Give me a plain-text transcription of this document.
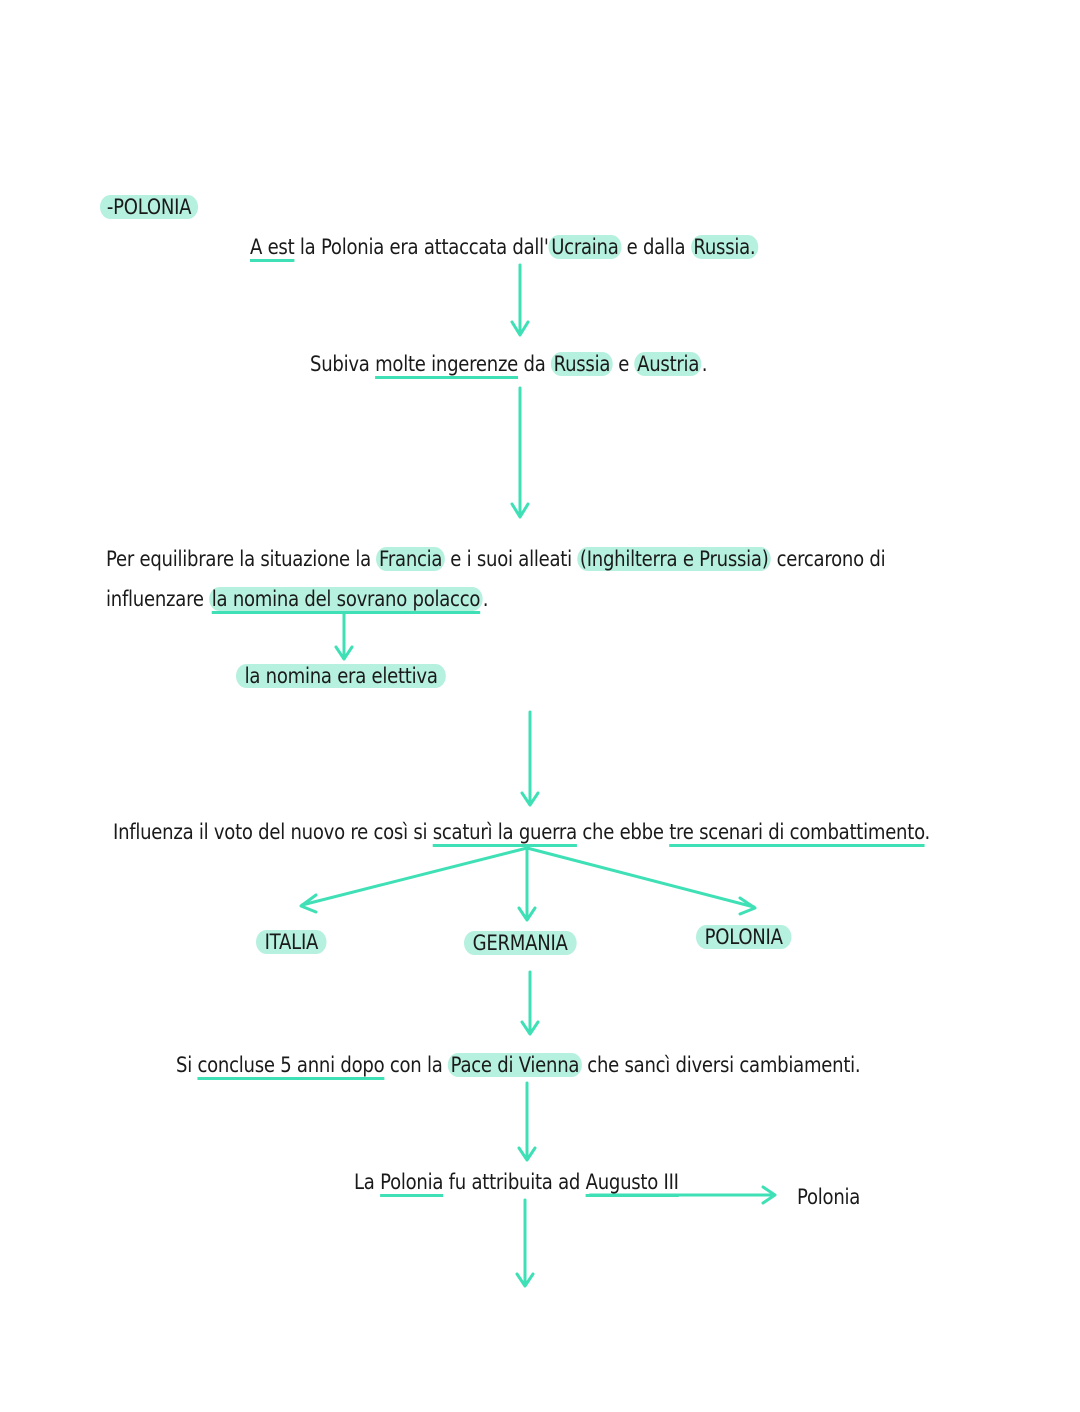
-POLONIA
A est la Polonia era attaccata dall' Ucraina e dalla Russia.
Subiva molte ingerenze da Russia e Austria .
Per equilibrare la situazione la Francia e i suoi alleati (Inghilterra e Prussia) cercarono di
influenzare la nomina del sovrano polacco .
la nomina era elettiva
Influenza il voto del nuovo re così si scaturì la guerra che ebbe tre scenari di combattimento.
ITALIA	GERMANIA	POLONIA
Si concluse 5 anni dopo con la Pace di Vienna che sancì diversi cambiamenti.
La Polonia fu attribuita ad Augusto III
Polonia
